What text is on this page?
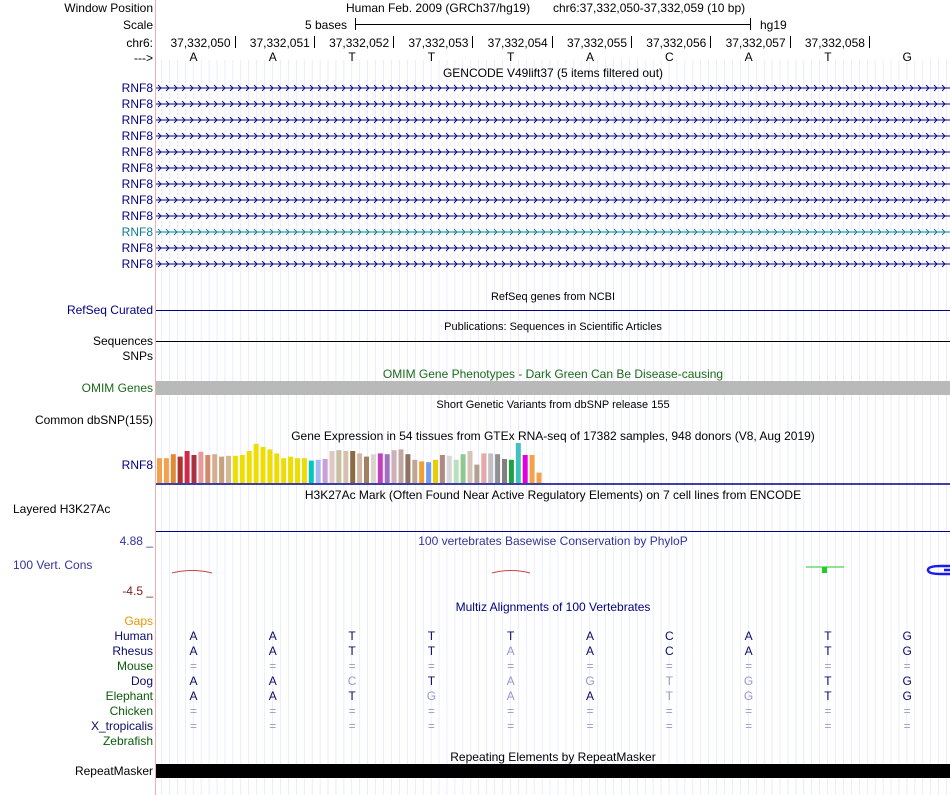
Window Position	Human Feb. 2009 (GRCh37/hg19) chr6:37,332,050-37,332,059 (10 bp)
Scale	5 bases	hg19
chr6:
--->
GENCODE V49lift37 (5 items filtered out)
RefSeq genes from NCBI
RefSeq Curated
Publications: Sequences in Scientific Articles
Sequences
SNPs
OMIM Gene Phenotypes - Dark Green Can Be Disease-causing
OMIM Genes
Short Genetic Variants from dbSNP release 155
Common dbSNP(155)
Gene Expression in 54 tissues from GTEx RNA-seq of 17382 samples, 948 donors (V8, Aug 2019)
RNF8
H3K27Ac Mark (Often Found Near Active Regulatory Elements) on 7 cell lines from ENCODE
Layered H3K27Ac
100 vertebrates Basewise Conservation by PhyloP
4.88 _
100 Vert. Cons
-4.5 _
Multiz Alignments of 100 Vertebrates
Gaps
Repeating Elements by RepeatMasker
RepeatMasker
37,332,050 37,332,051 37,332,052 37,332,053 37,332,054 37,332,055 37,332,056 37,332,057 37,332,058
A	A	T	T	T	A	C	A	T	G
RNF8
RNF8
RNF8
RNF8
RNF8
RNF8
RNF8
RNF8
RNF8
RNF8
RNF8
RNF8
Human	A	A	T	T	T	A	C	A	T	G
Rhesus	A	A	T	T	A	A	C	A	T	G
Mouse	=	=	=	=	=	=	=	=	=	=
Dog	A	A	C	T	A	G	T	G	T	G
Elephant	A	A	T	G	A	A	T	G	T	G
Chicken	=	=	=	=	=	=	=	=	=	=
X_tropicalis	=	=	=	=	=	=	=	=	=	=
Zebrafish
